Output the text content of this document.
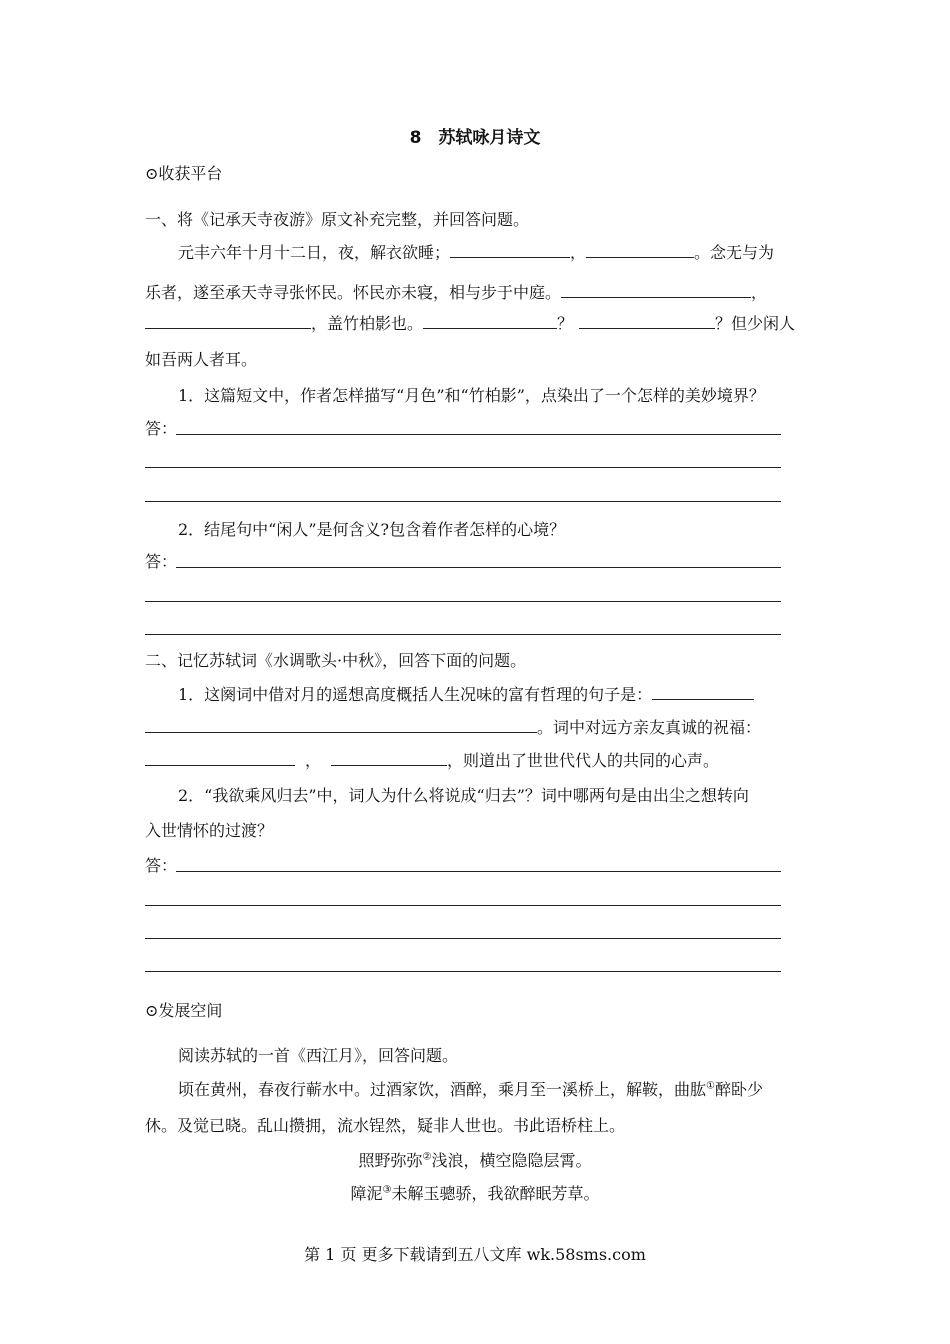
8　苏轼咏月诗文
⊙收获平台
一、将《记承天寺夜游》原文补充完整，并回答问题。
元丰六年十月十二日，夜，解衣欲睡；	，	。念无与为
乐者，遂至承天寺寻张怀民。怀民亦未寝，相与步于中庭。	，
，盖竹柏影也。	？	？但少闲人
如吾两人者耳。
1．这篇短文中，作者怎样描写“月色”和“竹柏影”，点染出了一个怎样的美妙境界？
答：
2．结尾句中“闲人”是何含义?包含着作者怎样的心境？
答：
二、记忆苏轼词《水调歌头·中秋》，回答下面的问题。
1．这阕词中借对月的遥想高度概括人生况味的富有哲理的句子是：
。词中对远方亲友真诚的祝福：
，	，则道出了世世代代人的共同的心声。
2．“我欲乘风归去”中，词人为什么将说成“归去”？词中哪两句是由出尘之想转向
入世情怀的过渡？
答：
⊙发展空间
阅读苏轼的一首《西江月》，回答问题。
顷在黄州，春夜行蕲水中。过酒家饮，酒醉，乘月至一溪桥上，解鞍，曲肱①醉卧少
休。及觉已晓。乱山攒拥，流水锃然，疑非人世也。书此语桥柱上。
照野弥弥②浅浪，横空隐隐层霄。
障泥③未解玉骢骄，我欲醉眠芳草。
第 1 页 更多下载请到五八文库 wk.58sms.com
